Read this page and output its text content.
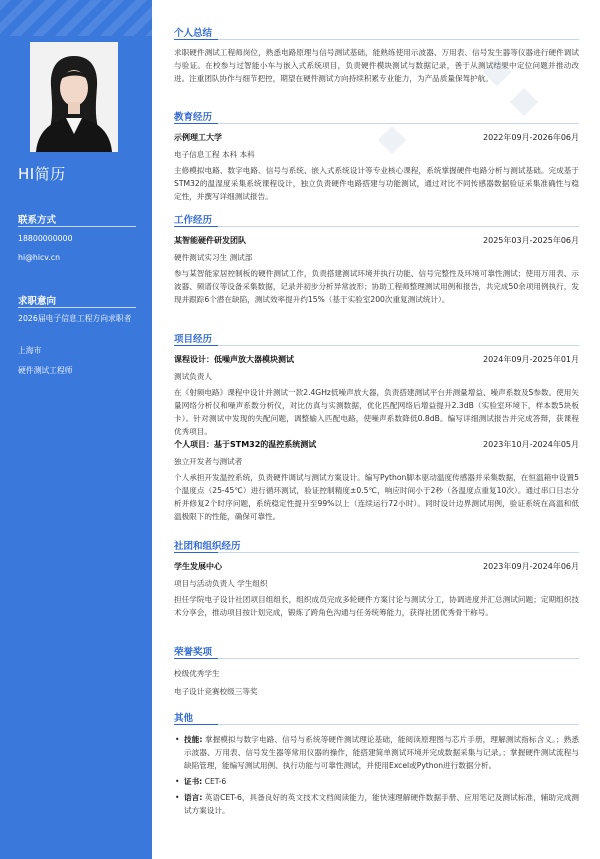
HI简历
联系方式
18800000000
hi@hicv.cn
求职意向
2026届电子信息工程方向求职者
上海市
硬件测试工程师
个人总结
求职硬件测试工程师岗位，熟悉电路原理与信号测试基础，能熟练使用示波器、万用表、信号发生器等仪器进行硬件调试与验证。在校参与过智能小车与嵌入式系统项目，负责硬件模块测试与数据记录，善于从测试结果中定位问题并推动改进。注重团队协作与细节把控，期望在硬件测试方向持续积累专业能力，为产品质量保驾护航。
教育经历
示例理工大学	2022年09月-2026年06月
电子信息工程 本科 本科
主修模拟电路、数字电路、信号与系统、嵌入式系统设计等专业核心课程，系统掌握硬件电路分析与测试基础。完成基于STM32的温湿度采集系统课程设计，独立负责硬件电路搭建与功能测试，通过对比不同传感器数据验证采集准确性与稳定性，并撰写详细测试报告。
工作经历
某智能硬件研发团队	2025年03月-2025年06月
硬件测试实习生 测试部
参与某智能家居控制板的硬件测试工作，负责搭建测试环境并执行功能、信号完整性及环境可靠性测试；使用万用表、示波器、频谱仪等设备采集数据，记录并初步分析异常波形；协助工程师整理测试用例和报告，共完成50余项用例执行，发现并跟踪6个潜在缺陷，测试效率提升约15%（基于实验室200次重复测试统计）。
项目经历
课程设计：低噪声放大器模块测试	2024年09月-2025年01月
测试负责人
在《射频电路》课程中设计并测试一款2.4GHz低噪声放大器，负责搭建测试平台并测量增益、噪声系数及S参数。使用矢量网络分析仪和噪声系数分析仪，对比仿真与实测数据，优化匹配网络后增益提升2.3dB（实验室环境下，样本数5块板卡）。针对测试中发现的失配问题，调整输入匹配电路，使噪声系数降低0.8dB。编写详细测试报告并完成答辩，获课程优秀项目。
个人项目：基于STM32的温控系统测试	2023年10月-2024年05月
独立开发者与测试者
个人承担开发温控系统，负责硬件调试与测试方案设计。编写Python脚本驱动温度传感器并采集数据，在恒温箱中设置5个温度点（25-45℃）进行循环测试，验证控制精度±0.5℃，响应时间小于2秒（各温度点重复10次）。通过串口日志分析并修复2个时序问题，系统稳定性提升至99%以上（连续运行72小时）。同时设计边界测试用例，验证系统在高温和低温极限下的性能，确保可靠性。
社团和组织经历
学生发展中心	2023年09月-2024年06月
项目与活动负责人 学生组织
担任学院电子设计社团项目组组长，组织成员完成多轮硬件方案讨论与测试分工，协调进度并汇总测试问题；定期组织技术分享会，推动项目按计划完成，锻炼了跨角色沟通与任务统筹能力，获得社团优秀骨干称号。
荣誉奖项
校级优秀学生
电子设计竞赛校级三等奖
其他
• 技能: 掌握模拟与数字电路、信号与系统等硬件测试理论基础，能阅读原理图与芯片手册，理解测试指标含义。；熟悉示波器、万用表、信号发生器等常用仪器的操作，能搭建简单测试环境并完成数据采集与记录。；掌握硬件测试流程与缺陷管理，能编写测试用例、执行功能与可靠性测试，并使用Excel或Python进行数据分析。
• 证书: CET-6
• 语言: 英语CET-6，具备良好的英文技术文档阅读能力，能快速理解硬件数据手册、应用笔记及测试标准，辅助完成测试方案设计。
